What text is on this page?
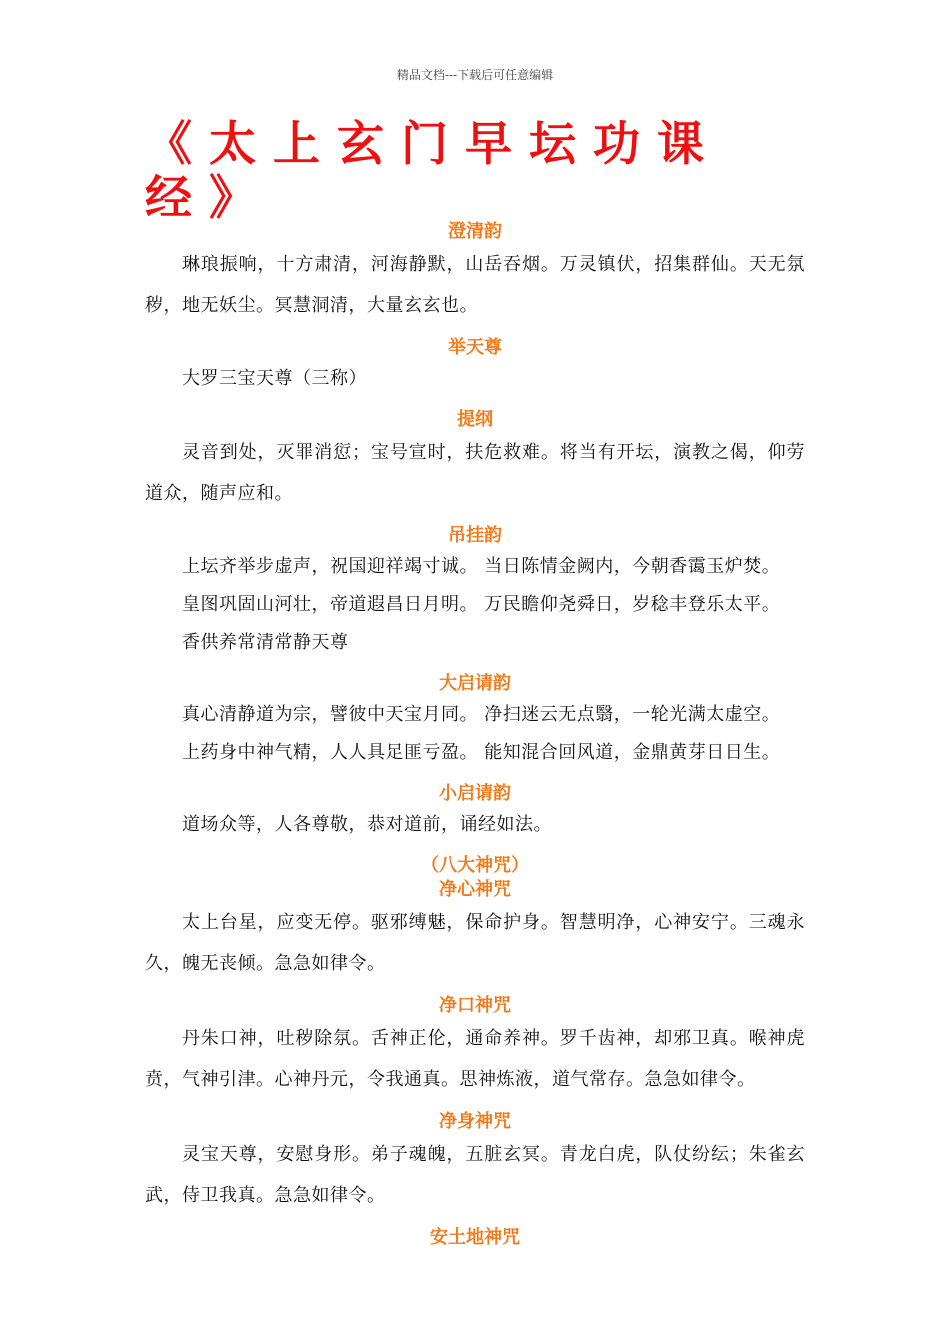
精品文档---下载后可任意编辑
《太上玄门早坛功课经》
澄清韵
琳琅振响，十方肃清，河海静默，山岳吞烟。万灵镇伏，招集群仙。天无氛秽，地无妖尘。冥慧洞清，大量玄玄也。
举天尊
大罗三宝天尊（三称）
提纲
灵音到处，灭罪消愆；宝号宣时，扶危救难。将当有开坛，演教之偈，仰劳道众，随声应和。
吊挂韵
上坛齐举步虚声，祝国迎祥竭寸诚。 当日陈情金阙内，今朝香霭玉炉焚。
皇图巩固山河壮，帝道遐昌日月明。 万民瞻仰尧舜日，岁稔丰登乐太平。
香供养常清常静天尊
大启请韵
真心清静道为宗，譬彼中天宝月同。 净扫迷云无点翳，一轮光满太虚空。
上药身中神气精，人人具足匪亏盈。 能知混合回风道，金鼎黄芽日日生。
小启请韵
道场众等，人各尊敬，恭对道前，诵经如法。
（八大神咒）
净心神咒
太上台星，应变无停。驱邪缚魅，保命护身。智慧明净，心神安宁。三魂永久，魄无丧倾。急急如律令。
净口神咒
丹朱口神，吐秽除氛。舌神正伦，通命养神。罗千齿神，却邪卫真。喉神虎贲，气神引津。心神丹元，令我通真。思神炼液，道气常存。急急如律令。
净身神咒
灵宝天尊，安慰身形。弟子魂魄，五脏玄冥。青龙白虎，队仗纷纭；朱雀玄武，侍卫我真。急急如律令。
安土地神咒
